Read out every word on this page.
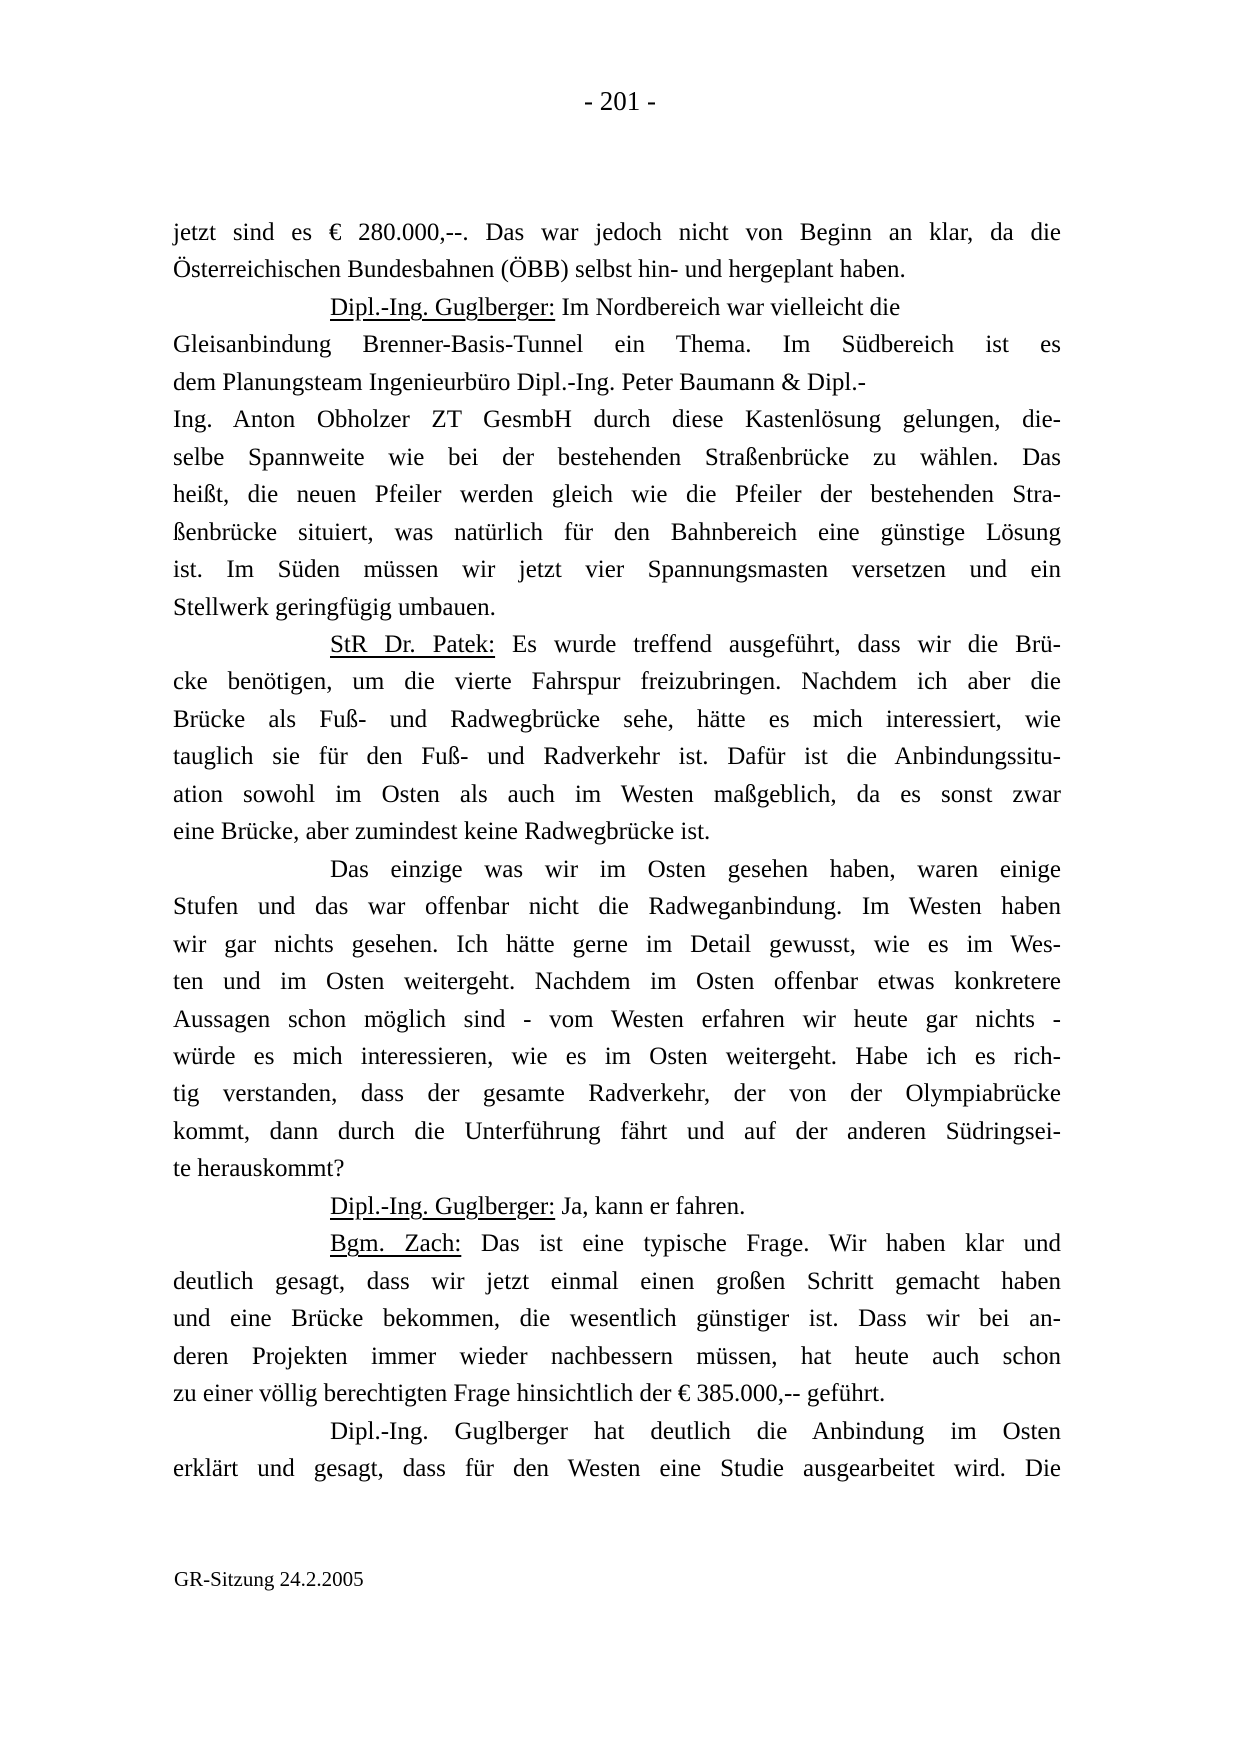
- 201 -
jetzt sind es € 280.000,--. Das war jedoch nicht von Beginn an klar, da die
Österreichischen Bundesbahnen (ÖBB) selbst hin- und hergeplant haben.
Dipl.-Ing. Guglberger: Im Nordbereich war vielleicht die
Gleisanbindung Brenner-Basis-Tunnel ein Thema. Im Südbereich ist es
dem Planungsteam Ingenieurbüro Dipl.-Ing. Peter Baumann & Dipl.-
Ing. Anton Obholzer ZT GesmbH durch diese Kastenlösung gelungen, die-
selbe Spannweite wie bei der bestehenden Straßenbrücke zu wählen. Das
heißt, die neuen Pfeiler werden gleich wie die Pfeiler der bestehenden Stra-
ßenbrücke situiert, was natürlich für den Bahnbereich eine günstige Lösung
ist. Im Süden müssen wir jetzt vier Spannungsmasten versetzen und ein
Stellwerk geringfügig umbauen.
StR Dr. Patek: Es wurde treffend ausgeführt, dass wir die Brü-
cke benötigen, um die vierte Fahrspur freizubringen. Nachdem ich aber die
Brücke als Fuß- und Radwegbrücke sehe, hätte es mich interessiert, wie
tauglich sie für den Fuß- und Radverkehr ist. Dafür ist die Anbindungssitu-
ation sowohl im Osten als auch im Westen maßgeblich, da es sonst zwar
eine Brücke, aber zumindest keine Radwegbrücke ist.
Das einzige was wir im Osten gesehen haben, waren einige
Stufen und das war offenbar nicht die Radweganbindung. Im Westen haben
wir gar nichts gesehen. Ich hätte gerne im Detail gewusst, wie es im Wes-
ten und im Osten weitergeht. Nachdem im Osten offenbar etwas konkretere
Aussagen schon möglich sind - vom Westen erfahren wir heute gar nichts -
würde es mich interessieren, wie es im Osten weitergeht. Habe ich es rich-
tig verstanden, dass der gesamte Radverkehr, der von der Olympiabrücke
kommt, dann durch die Unterführung fährt und auf der anderen Südringsei-
te herauskommt?
Dipl.-Ing. Guglberger: Ja, kann er fahren.
Bgm. Zach: Das ist eine typische Frage. Wir haben klar und
deutlich gesagt, dass wir jetzt einmal einen großen Schritt gemacht haben
und eine Brücke bekommen, die wesentlich günstiger ist. Dass wir bei an-
deren Projekten immer wieder nachbessern müssen, hat heute auch schon
zu einer völlig berechtigten Frage hinsichtlich der € 385.000,-- geführt.
Dipl.-Ing. Guglberger hat deutlich die Anbindung im Osten
erklärt und gesagt, dass für den Westen eine Studie ausgearbeitet wird. Die
GR-Sitzung 24.2.2005
